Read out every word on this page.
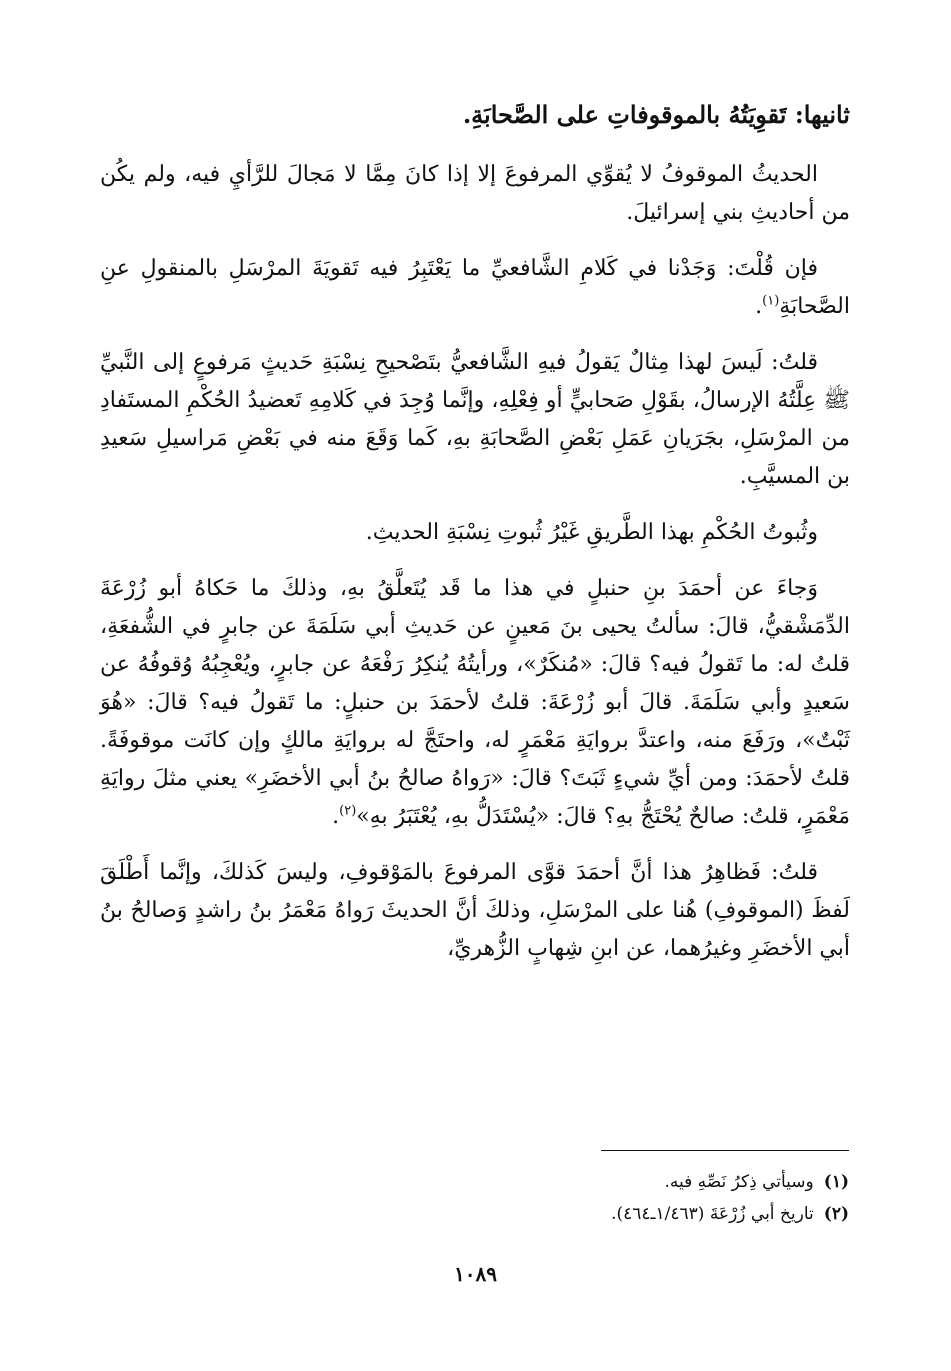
ثانيها: تَقوِيَتُهُ بالموقوفاتِ على الصَّحابَةِ.

الحديثُ الموقوفُ لا يُقوِّي المرفوعَ إلا إذا كانَ مِمَّا لا مَجالَ للرَّأيِ فيه، ولم يكُن من أحاديثِ بني إسرائيلَ.

فإن قُلْتَ: وَجَدْنا في كَلامِ الشَّافعيِّ ما يَعْتَبِرُ فيه تَقويَةَ المرْسَلِ بالمنقولِ عنِ الصَّحابَةِ$^{(١)}$.

قلتُ: لَيسَ لهذا مِثالٌ يَقولُ فيهِ الشَّافعيُّ بتَصْحيحِ نِسْبَةِ حَديثٍ مَرفوعٍ إلى النَّبيِّ ﷺ عِلَّتُهُ الإرسالُ، بقَوْلِ صَحابيٍّ أو فِعْلِهِ، وإنَّما وُجِدَ في كَلامِهِ تَعضيدُ الحُكْمِ المستَفادِ من المرْسَلِ، بجَرَيانِ عَمَلِ بَعْضِ الصَّحابَةِ بهِ، كَما وَقَعَ منه في بَعْضِ مَراسيلِ سَعيدِ بن المسيَّبِ.

وثُبوتُ الحُكْمِ بهذا الطَّريقِ غَيْرُ ثُبوتِ نِسْبَةِ الحديثِ.

وَجاءَ عن أحمَدَ بنِ حنبلٍ في هذا ما قَد يُتَعلَّقُ بهِ، وذلكَ ما حَكاهُ أبو زُرْعَةَ الدِّمَشْقيُّ، قالَ: سألتُ يحيى بنَ مَعينٍ عن حَديثِ أبي سَلَمَةَ عن جابرٍ في الشُّفعَةِ، قلتُ له: ما تَقولُ فيه؟ قالَ: «مُنكَرٌ»، ورأيتُهُ يُنكِرُ رَفْعَهُ عن جابرٍ، ويُعْجِبُهُ وُقوفُهُ عن سَعيدٍ وأبي سَلَمَةَ. قالَ أبو زُرْعَةَ: قلتُ لأحمَدَ بن حنبلٍ: ما تَقولُ فيه؟ قالَ: «هُوَ ثَبْتٌ»، ورَفَعَ منه، واعتدَّ بروايَةِ مَعْمَرٍ له، واحتَجَّ له بروايَةِ مالكٍ وإن كانَت موقوفَةً. قلتُ لأحمَدَ: ومن أيِّ شيءٍ ثَبَتَ؟ قالَ: «رَواهُ صالحُ بنُ أبي الأخضَرِ» يعني مثلَ روايَةِ مَعْمَرٍ، قلتُ: صالحٌ يُحْتَجُّ بهِ؟ قالَ: «يُسْتَدَلُّ بهِ، يُعْتَبَرُ بهِ»$^{(٢)}$.

قلتُ: فَظاهِرُ هذا أنَّ أحمَدَ قوَّى المرفوعَ بالمَوْقوفِ، وليسَ كَذلكَ، وإنَّما أَطْلَقَ لَفظَ (الموقوفِ) هُنا على المرْسَلِ، وذلكَ أنَّ الحديثَ رَواهُ مَعْمَرُ بنُ راشدٍ وَصالحُ بنُ أبي الأخضَرِ وغيرُهما، عن ابنِ شِهابٍ الزُّهريِّ،

(١)وسيأتي ذِكرُ نَصِّهِ فيه.
(٢)تاريخ أبي زُرْعَةَ (١/٤٦٣ـ٤٦٤).
١٠٨٩
